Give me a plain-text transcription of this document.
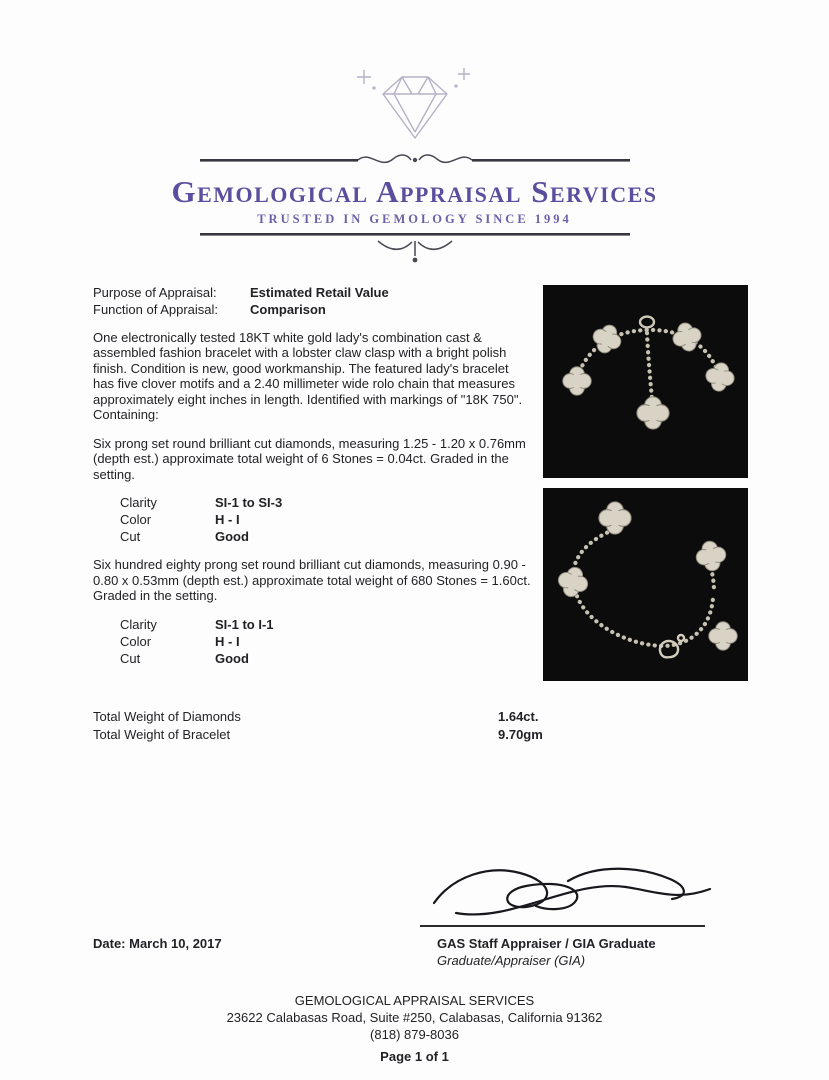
Gemological Appraisal Services
TRUSTED IN GEMOLOGY SINCE 1994
Purpose of Appraisal:	Estimated Retail Value
Function of Appraisal:	Comparison

One electronically tested 18KT white gold lady's combination cast & assembled fashion bracelet with a lobster claw clasp with a bright polish finish. Condition is new, good workmanship. The featured lady's bracelet has five clover motifs and a 2.40 millimeter wide rolo chain that measures approximately eight inches in length. Identified with markings of "18K 750". Containing:

Six prong set round brilliant cut diamonds, measuring 1.25 - 1.20 x 0.76mm (depth est.) approximate total weight of 6 Stones = 0.04ct. Graded in the setting.

Clarity	SI-1 to SI-3
Color	H - I
Cut	Good

Six hundred eighty prong set round brilliant cut diamonds, measuring 0.90 - 0.80 x 0.53mm (depth est.) approximate total weight of 680 Stones = 1.60ct. Graded in the setting.

Clarity	SI-1 to I-1
Color	H - I
Cut	Good
Total Weight of Diamonds	1.64ct.
Total Weight of Bracelet	9.70gm
Date: March 10, 2017	GAS Staff Appraiser / GIA Graduate
Graduate/Appraiser (GIA)
GEMOLOGICAL APPRAISAL SERVICES
23622 Calabasas Road, Suite #250, Calabasas, California 91362
(818) 879-8036
Page 1 of 1
